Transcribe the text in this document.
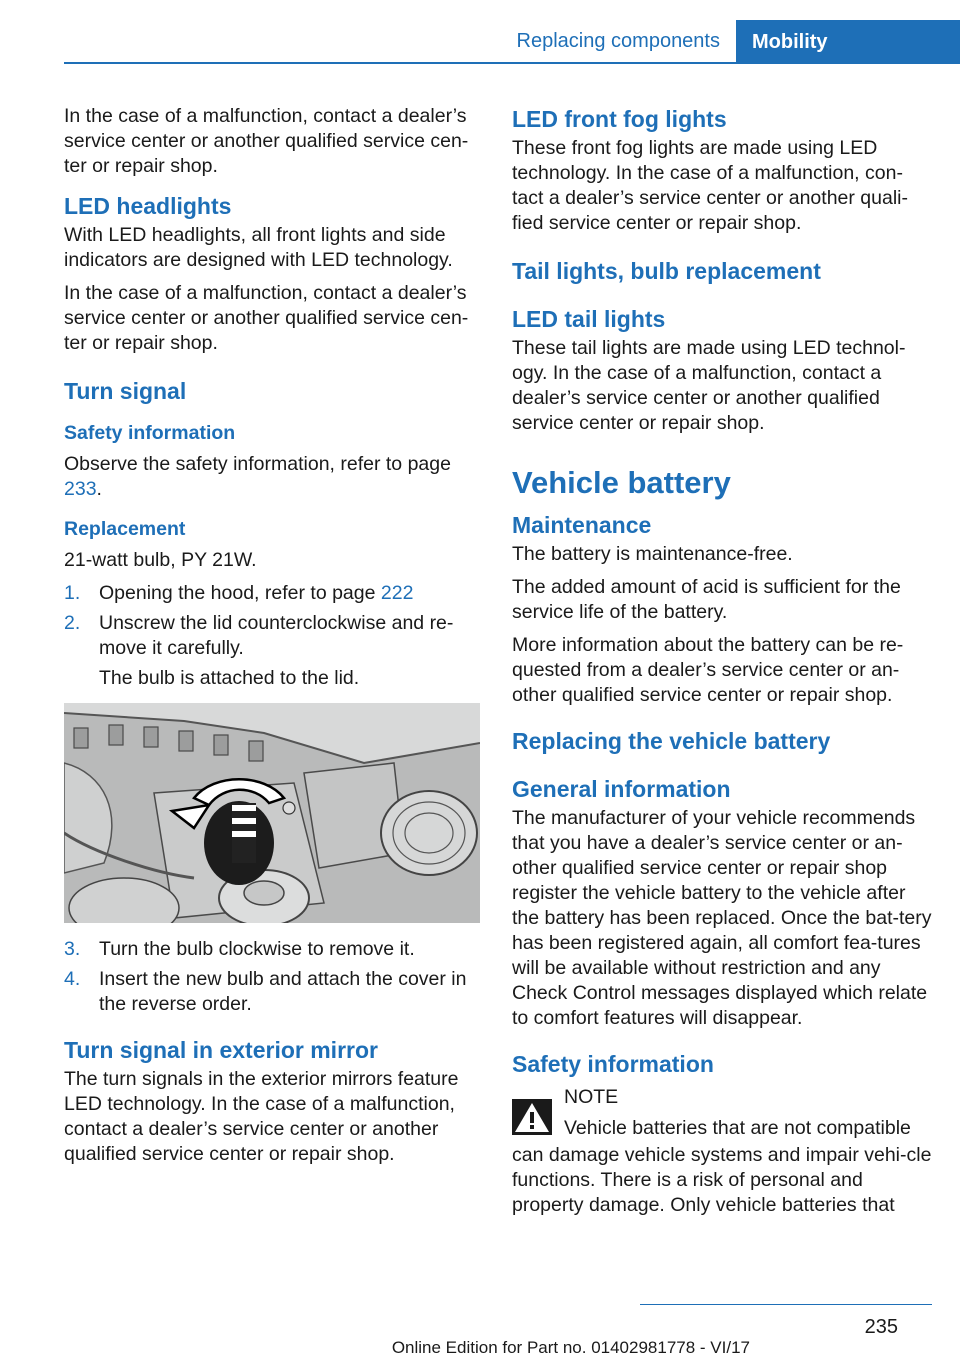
Replacing components	Mobility

In the case of a malfunction, contact a dealer’s service center or another qualified service cen‐ter or repair shop.

LED headlights

With LED headlights, all front lights and side indicators are designed with LED technology.

In the case of a malfunction, contact a dealer’s service center or another qualified service cen‐ter or repair shop.

Turn signal
Safety information

Observe the safety information, refer to page 233.

Replacement

21-watt bulb, PY 21W.

1. Opening the hood, refer to page 222
2. Unscrew the lid counterclockwise and re‐move it carefully.
The bulb is attached to the lid.
3. Turn the bulb clockwise to remove it.
4. Insert the new bulb and attach the cover in the reverse order.
Turn signal in exterior mirror

The turn signals in the exterior mirrors feature LED technology. In the case of a malfunction, contact a dealer’s service center or another qualified service center or repair shop.

LED front fog lights

These front fog lights are made using LED technology. In the case of a malfunction, con‐tact a dealer’s service center or another quali‐fied service center or repair shop.

Tail lights, bulb replacement
LED tail lights

These tail lights are made using LED technol‐ogy. In the case of a malfunction, contact a dealer’s service center or another qualified service center or repair shop.

Vehicle battery
Maintenance

The battery is maintenance-free.

The added amount of acid is sufficient for the service life of the battery.

More information about the battery can be re‐quested from a dealer’s service center or an‐other qualified service center or repair shop.

Replacing the vehicle battery
General information

The manufacturer of your vehicle recommends that you have a dealer’s service center or an‐other qualified service center or repair shop register the vehicle battery to the vehicle after the battery has been replaced. Once the bat‐tery has been registered again, all comfort fea‐tures will be available without restriction and any Check Control messages displayed which relate to comfort features will disappear.

Safety information

NOTE

Vehicle batteries that are not compatible

can damage vehicle systems and impair vehi‐cle functions. There is a risk of personal and property damage. Only vehicle batteries that

235
Online Edition for Part no. 01402981778 - VI/17
